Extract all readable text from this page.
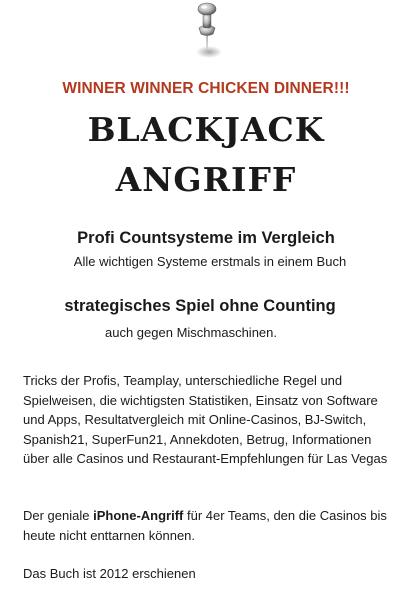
WINNER WINNER CHICKEN DINNER!!!
BLACKJACK
ANGRIFF
Profi Countsysteme im Vergleich
Alle wichtigen Systeme erstmals in einem Buch
strategisches Spiel ohne Counting
auch gegen Mischmaschinen.
Tricks der Profis, Teamplay, unterschiedliche Regel und Spielweisen, die wichtigsten Statistiken, Einsatz von Software und Apps, Resultatvergleich mit Online-Casinos, BJ-Switch, Spanish21, SuperFun21, Annekdoten, Betrug, Informationen über alle Casinos und Restaurant-Empfehlungen für Las Vegas
Der geniale iPhone-Angriff für 4er Teams, den die Casinos bis heute nicht enttarnen können.
Das Buch ist 2012 erschienen
